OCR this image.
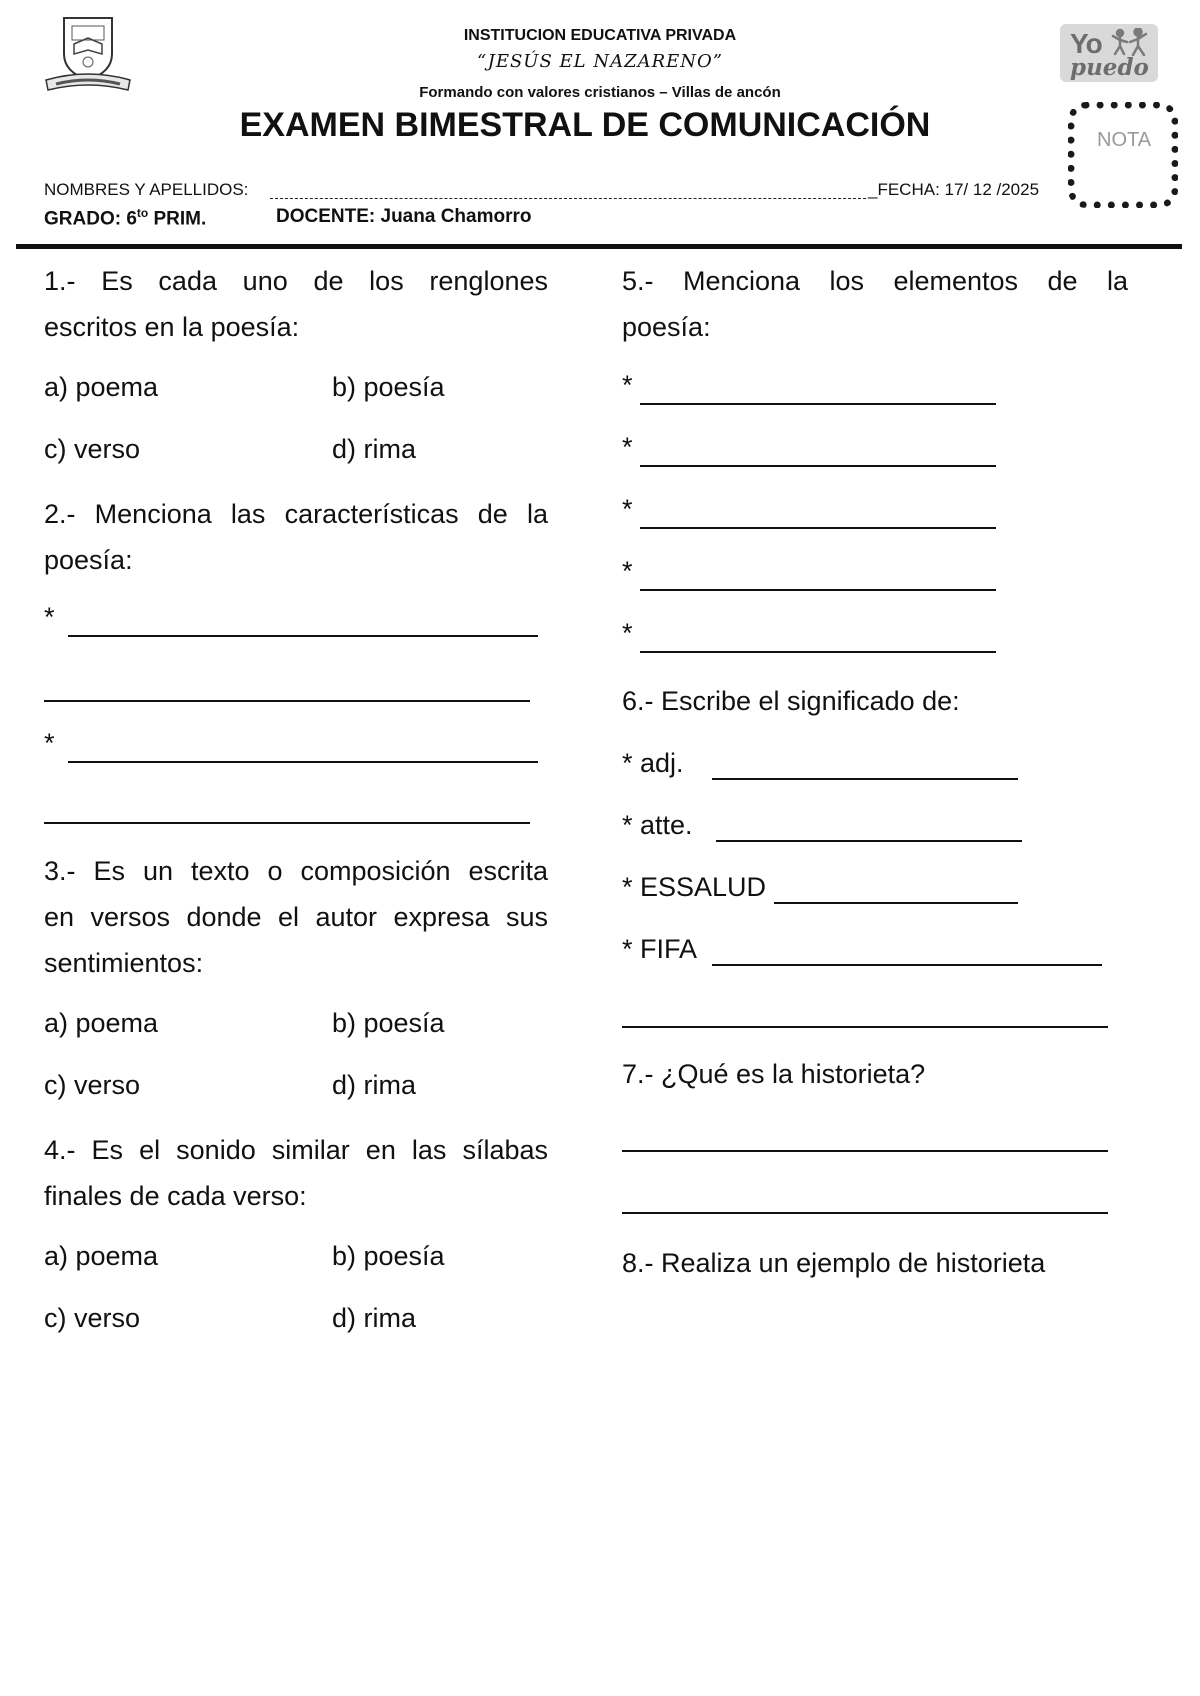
Yo
puedo
INSTITUCION EDUCATIVA PRIVADA
“JESÚS EL NAZARENO”
Formando con valores cristianos – Villas de ancón
EXAMEN BIMESTRAL DE COMUNICACIÓN	NOTA
NOMBRES Y APELLIDOS:	_FECHA: 17/ 12 /2025
GRADO: $6^{to}$ PRIM.	DOCENTE: Juana Chamorro
1.- Es cada uno de los renglones
escritos en la poesía:
a) poema	b) poesía
c) verso	d) rima
2.- Menciona las características de la
poesía:
*
*
3.- Es un texto o composición escrita
en versos donde el autor expresa sus
sentimientos:
a) poema	b) poesía
c) verso	d) rima
4.- Es el sonido similar en las sílabas
finales de cada verso:
a) poema	b) poesía
c) verso	d) rima
5.- Menciona los elementos de la
poesía:
*
*
*
*
*
6.- Escribe el significado de:
* adj.
* atte.
* ESSALUD
* FIFA
7.- ¿Qué es la historieta?
8.- Realiza un ejemplo de historieta
